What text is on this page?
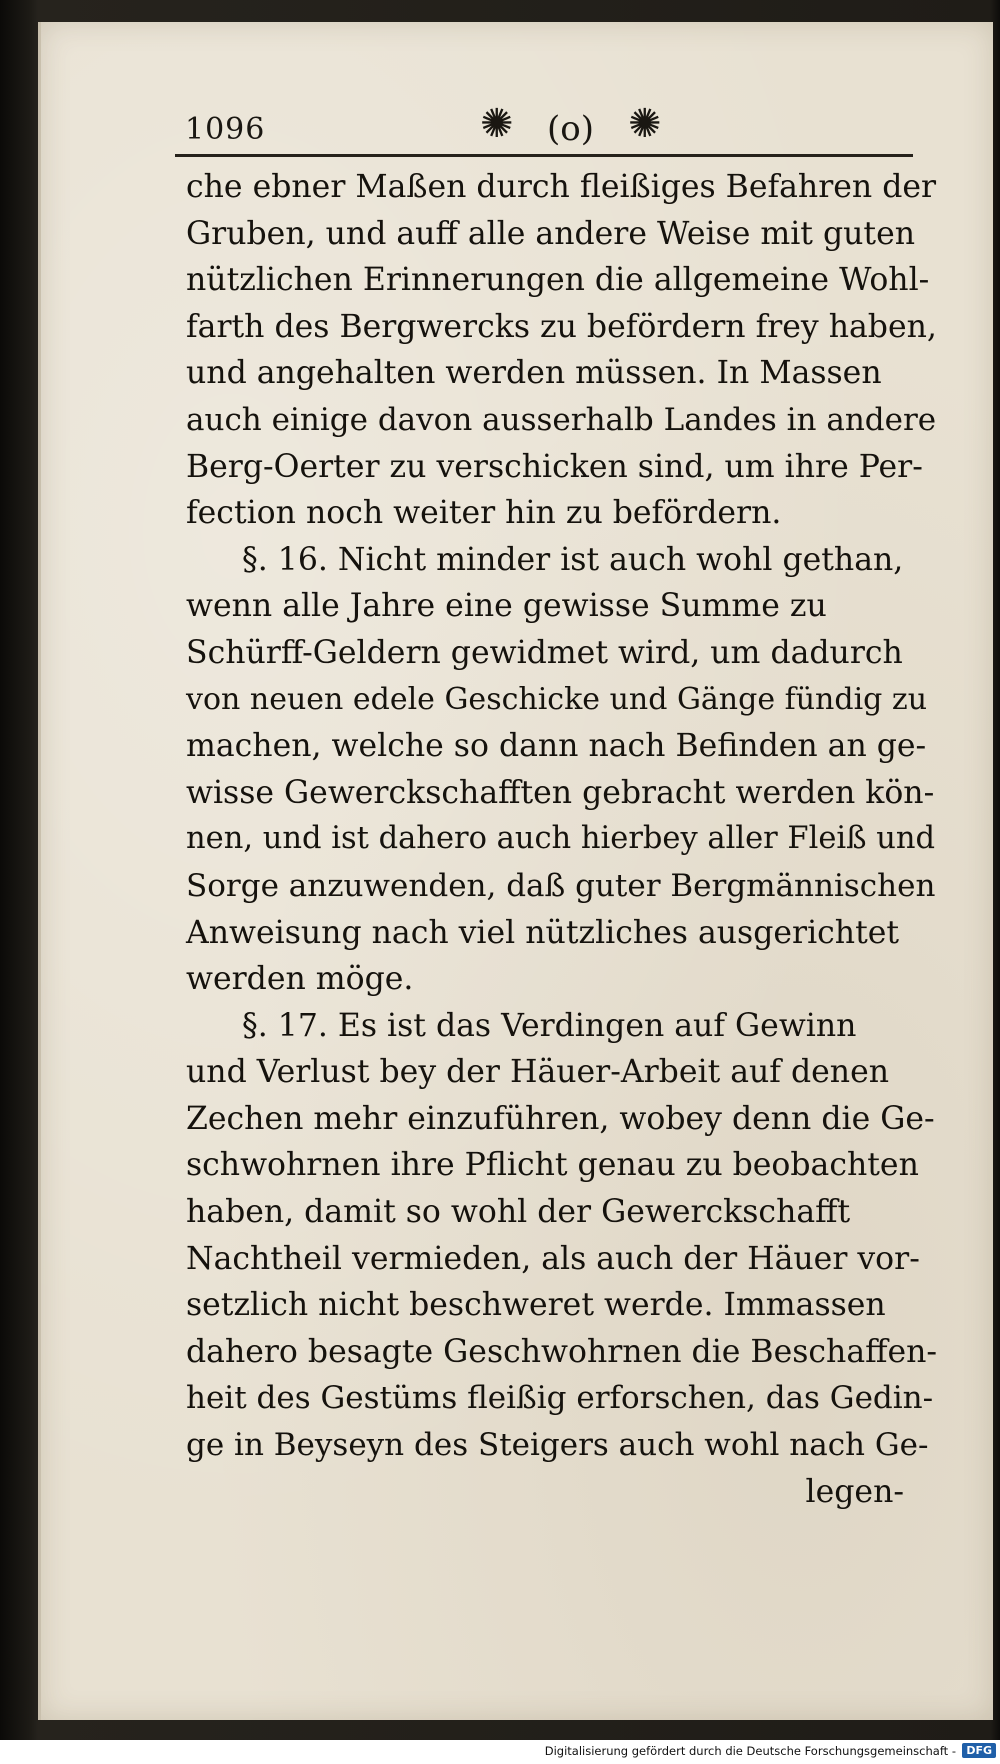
1096	✺ (o) ✺
che ebner Maßen durch fleißiges Befahren der
Gruben, und auff alle andere Weise mit guten
nützlichen Erinnerungen die allgemeine Wohl-
farth des Bergwercks zu befördern frey haben,
und angehalten werden müssen. In Massen
auch einige davon ausserhalb Landes in andere
Berg-Oerter zu verschicken sind, um ihre Per-
fection noch weiter hin zu befördern.
§. 16. Nicht minder ist auch wohl gethan,
wenn alle Jahre eine gewisse Summe zu
Schürff-Geldern gewidmet wird, um dadurch
von neuen edele Geschicke und Gänge fündig zu
machen, welche so dann nach Befinden an ge-
wisse Gewerckschafften gebracht werden kön-
nen, und ist dahero auch hierbey aller Fleiß und
Sorge anzuwenden, daß guter Bergmännischen
Anweisung nach viel nützliches ausgerichtet
werden möge.
§. 17. Es ist das Verdingen auf Gewinn
und Verlust bey der Häuer-Arbeit auf denen
Zechen mehr einzuführen, wobey denn die Ge-
schwohrnen ihre Pflicht genau zu beobachten
haben, damit so wohl der Gewerckschafft
Nachtheil vermieden, als auch der Häuer vor-
setzlich nicht beschweret werde. Immassen
dahero besagte Geschwohrnen die Beschaffen-
heit des Gestüms fleißig erforschen, das Gedin-
ge in Beyseyn des Steigers auch wohl nach Ge-
legen-
Digitalisierung gefördert durch die Deutsche Forschungsgemeinschaft - DFG
